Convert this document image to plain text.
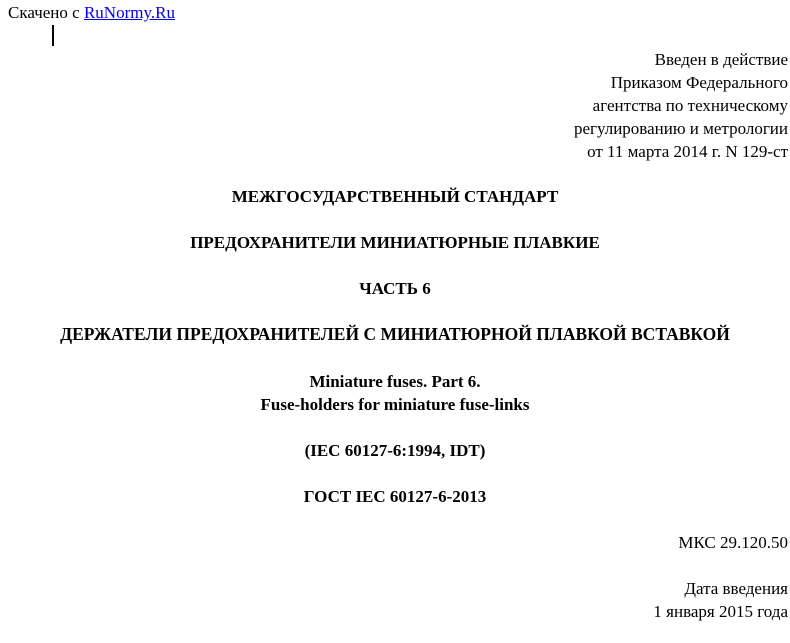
Скачено с RuNormy.Ru
Введен в действие
Приказом Федерального
агентства по техническому
регулированию и метрологии
от 11 марта 2014 г. N 129-ст
МЕЖГОСУДАРСТВЕННЫЙ СТАНДАРТ
ПРЕДОХРАНИТЕЛИ МИНИАТЮРНЫЕ ПЛАВКИЕ
ЧАСТЬ 6
ДЕРЖАТЕЛИ ПРЕДОХРАНИТЕЛЕЙ С МИНИАТЮРНОЙ ПЛАВКОЙ ВСТАВКОЙ
Miniature fuses. Part 6.
Fuse-holders for miniature fuse-links
(IEC 60127-6:1994, IDT)
ГОСТ IEC 60127-6-2013
МКС 29.120.50
Дата введения
1 января 2015 года
